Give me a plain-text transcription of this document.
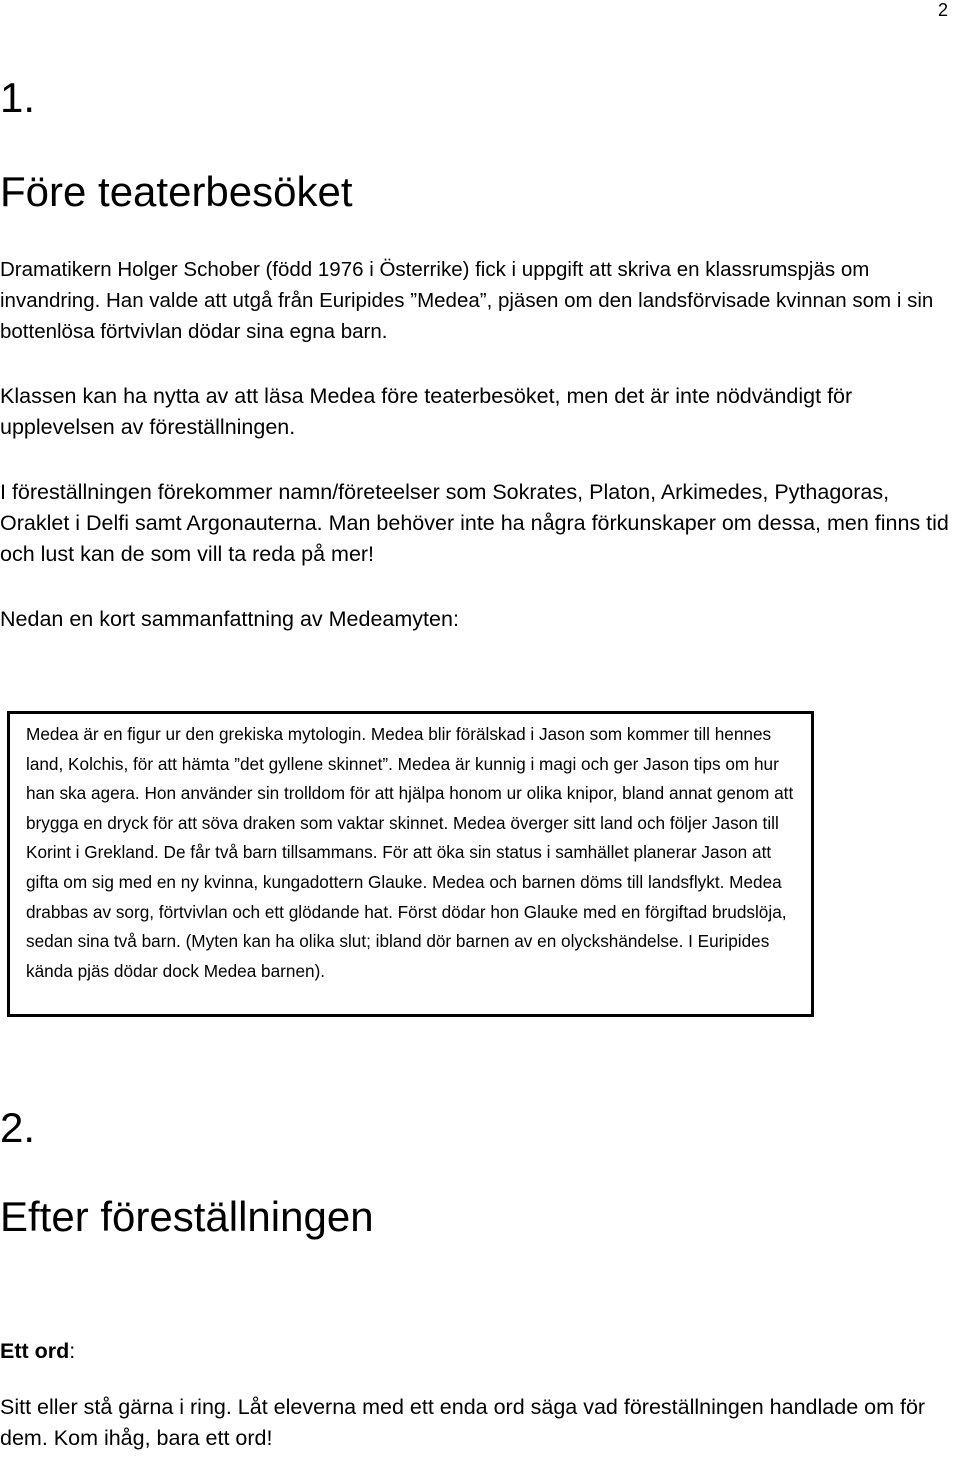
2
1.
Före teaterbesöket

Dramatikern Holger Schober (född 1976 i Österrike) fick i uppgift att skriva en klassrumspjäs om invandring. Han valde att utgå från Euripides ”Medea”, pjäsen om den landsförvisade kvinnan som i sin bottenlösa förtvivlan dödar sina egna barn.

Klassen kan ha nytta av att läsa Medea före teaterbesöket, men det är inte nödvändigt för upplevelsen av föreställningen.

I föreställningen förekommer namn/företeelser som Sokrates, Platon, Arkimedes, Pythagoras, Oraklet i Delfi samt Argonauterna. Man behöver inte ha några förkunskaper om dessa, men finns tid och lust kan de som vill ta reda på mer!

Nedan en kort sammanfattning av Medeamyten:

Medea är en figur ur den grekiska mytologin. Medea blir förälskad i Jason som kommer till hennes land, Kolchis, för att hämta ”det gyllene skinnet”. Medea är kunnig i magi och ger Jason tips om hur han ska agera. Hon använder sin trolldom för att hjälpa honom ur olika knipor, bland annat genom att brygga en dryck för att söva draken som vaktar skinnet. Medea överger sitt land och följer Jason till Korint i Grekland. De får två barn tillsammans. För att öka sin status i samhället planerar Jason att gifta om sig med en ny kvinna, kungadottern Glauke. Medea och barnen döms till landsflykt. Medea drabbas av sorg, förtvivlan och ett glödande hat. Först dödar hon Glauke med en förgiftad brudslöja, sedan sina två barn. (Myten kan ha olika slut; ibland dör barnen av en olyckshändelse. I Euripides kända pjäs dödar dock Medea barnen).

2.
Efter föreställningen

Ett ord:

Sitt eller stå gärna i ring. Låt eleverna med ett enda ord säga vad föreställningen handlade om för dem. Kom ihåg, bara ett ord!
